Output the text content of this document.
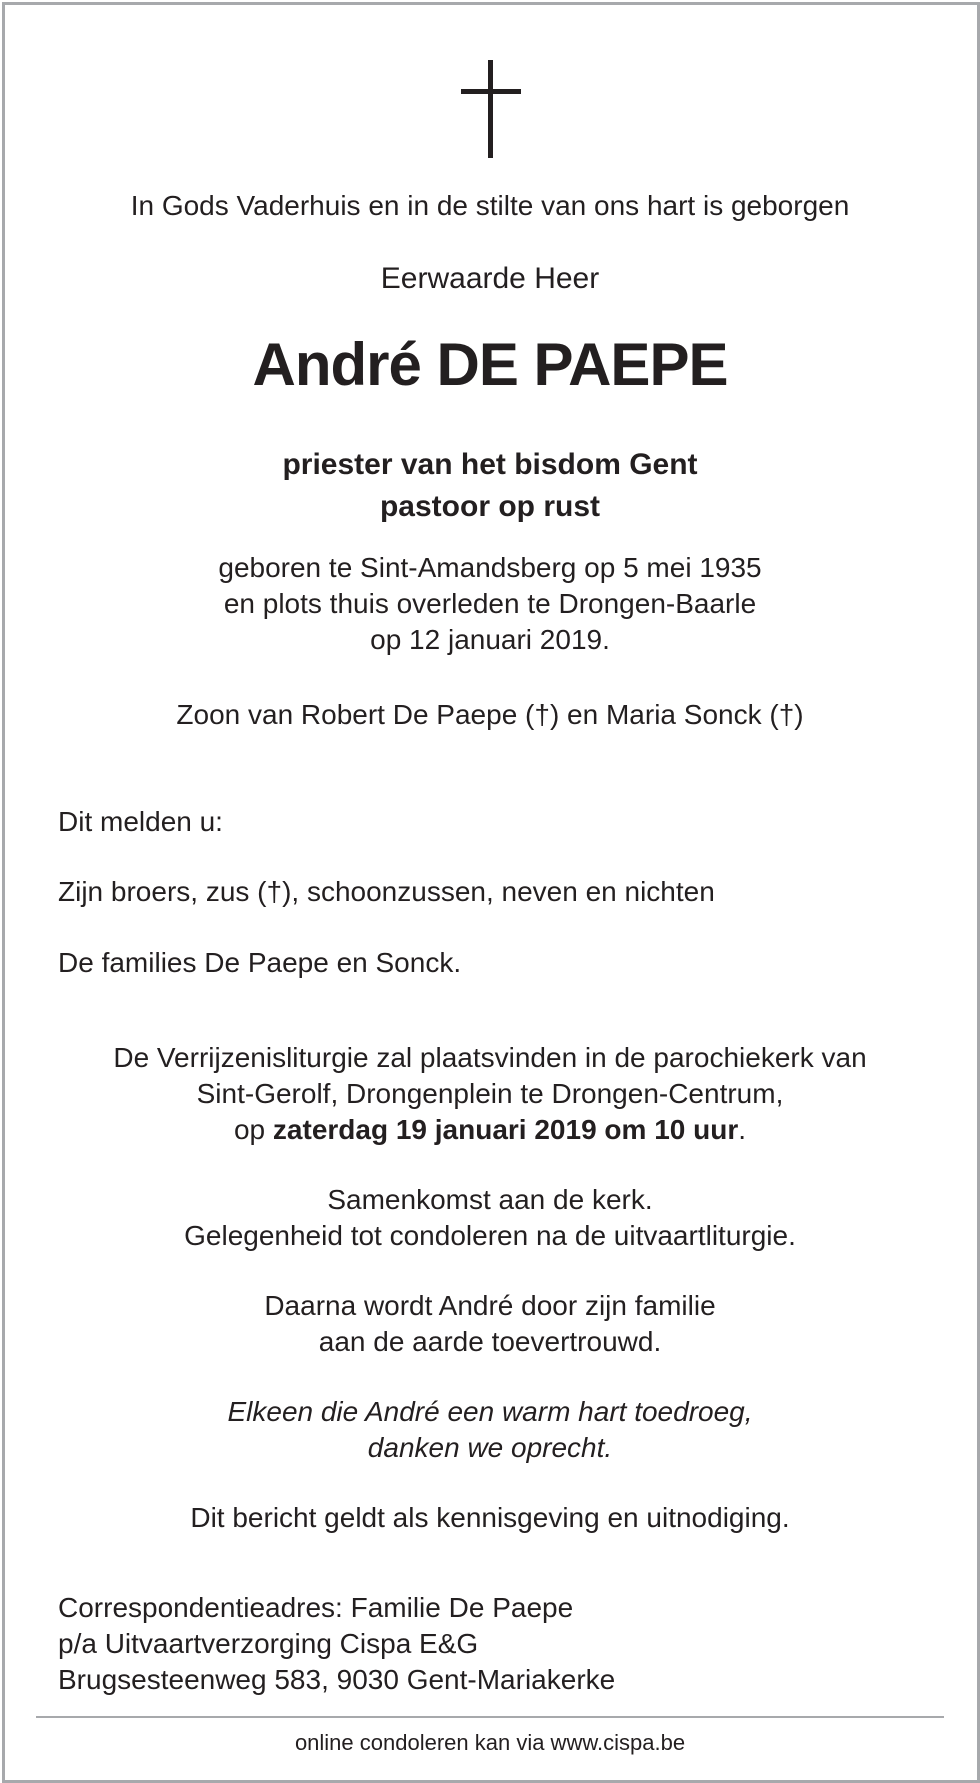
In Gods Vaderhuis en in de stilte van ons hart is geborgen
Eerwaarde Heer
André DE PAEPE
priester van het bisdom Gent
pastoor op rust
geboren te Sint-Amandsberg op 5 mei 1935
en plots thuis overleden te Drongen-Baarle
op 12 januari 2019.
Zoon van Robert De Paepe (†) en Maria Sonck (†)
Dit melden u:
Zijn broers, zus (†), schoonzussen, neven en nichten
De families De Paepe en Sonck.
De Verrijzenisliturgie zal plaatsvinden in de parochiekerk van
Sint-Gerolf, Drongenplein te Drongen-Centrum,
op zaterdag 19 januari 2019 om 10 uur.
Samenkomst aan de kerk.
Gelegenheid tot condoleren na de uitvaartliturgie.
Daarna wordt André door zijn familie
aan de aarde toevertrouwd.
Elkeen die André een warm hart toedroeg,
danken we oprecht.
Dit bericht geldt als kennisgeving en uitnodiging.
Correspondentieadres: Familie De Paepe
p/a Uitvaartverzorging Cispa E&G
Brugsesteenweg 583, 9030 Gent-Mariakerke
online condoleren kan via www.cispa.be
